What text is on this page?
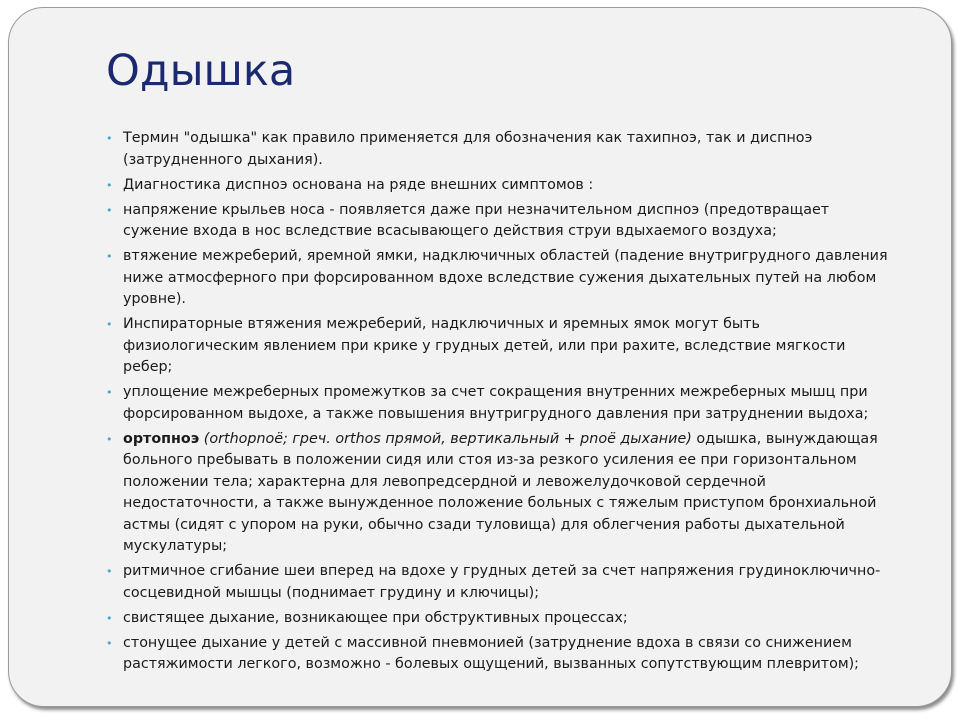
Одышка
• Термин "одышка" как правило применяется для обозначения как тахипноэ, так и диспноэ (затрудненного дыхания).
• Диагностика диспноэ основана на ряде внешних симптомов :
• напряжение крыльев носа - появляется даже при незначительном диспноэ (предотвращает сужение входа в нос вследствие всасывающего действия струи вдыхаемого воздуха;
• втяжение межреберий, яремной ямки, надключичных областей (падение внутригрудного давления ниже атмосферного при форсированном вдохе вследствие сужения дыхательных путей на любом уровне).
• Инспираторные втяжения межреберий, надключичных и яремных ямок могут быть физиологическим явлением при крике у грудных детей, или при рахите, вследствие мягкости ребер;
• уплощение межреберных промежутков за счет сокращения внутренних межреберных мышц при форсированном выдохе, а также повышения внутригрудного давления при затруднении выдоха;
• ортопноэ (orthopnoё; греч. orthos прямой, вертикальный + pnoё дыхание) одышка, вынуждающая больного пребывать в положении сидя или стоя из-за резкого усиления ее при горизонтальном положении тела; характерна для левопредсердной и левожелудочковой сердечной недостаточности, а также вынужденное положение больных с тяжелым приступом бронхиальной астмы (сидят с упором на руки, обычно сзади туловища) для облегчения работы дыхательной мускулатуры;
• ритмичное сгибание шеи вперед на вдохе у грудных детей за счет напряжения грудиноключично-сосцевидной мышцы (поднимает грудину и ключицы);
• свистящее дыхание, возникающее при обструктивных процессах;
• стонущее дыхание у детей с массивной пневмонией (затруднение вдоха в связи со снижением растяжимости легкого, возможно - болевых ощущений, вызванных сопутствующим плевритом);
